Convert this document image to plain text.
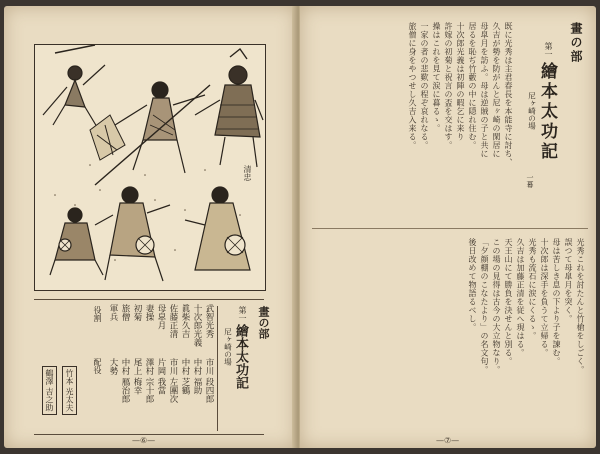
清忠
畫の部
第一
繪本太功記
尼ヶ崎の場
武智光秀
十次郎光義
眞柴久吉
佐藤正清
母皐月
妻操
初菊
旅僧
軍兵
市川 段四郎
中村 福助
中村 芝鶴
市川 左團次
片岡 我當
澤村 宗十郎
尾上 梅幸
中村 鴈治郎
大勢
役割
配役
竹本 光太夫
鶴澤 吉之助
—⑥—
畫の部
第一
繪本太功記
一幕
尼ヶ崎の場

既に光秀は主君春長を本能寺に討ち、

久吉が勢を防がんと尼ヶ崎の閑居に

母皐月を訪ふ。母は逆賊の子と共に

居るを恥ぢ竹藪の中に隠れ住む。

十次郎光義は初陣の暇乞に来り

許嫁の初菊と祝言の盃を交はす。

操はこれを見て涙に暮るゝ。

一家の者の悲歎の程ぞ哀れなる。

旅僧に身をやつせし久吉入来る。

光秀これを討たんと竹槍をしごく。

誤つて母皐月を突く。

母は苦しき息の下より子を諌む。

十次郎は深手を負うて立帰る。

光秀も流石に涙にくるゝ。

久吉は加藤正清を従へ現はる。

天王山にて勝負を決せんと別る。

この場の見得は古今の大立物なり。

「夕顔棚のこなたより」の名文句。

後日改めて物語るべし。

—⑦—
